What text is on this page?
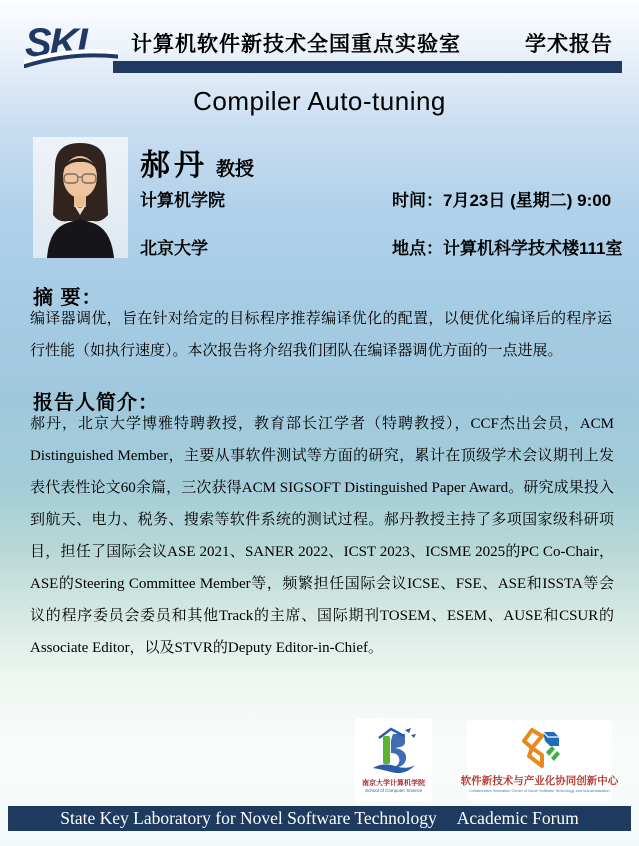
SKL 计算机软件新技术全国重点实验室	学术报告
Compiler Auto-tuning
郝丹 教授
计算机学院
北京大学
时间：7月23日 (星期二) 9:00
地点：计算机科学技术楼111室
摘 要：
编译器调优，旨在针对给定的目标程序推荐编译优化的配置，以便优化编译后的程序运行性能（如执行速度）。本次报告将介绍我们团队在编译器调优方面的一点进展。
报告人简介：
郝丹，北京大学博雅特聘教授，教育部长江学者（特聘教授），CCF杰出会员，ACM Distinguished Member，主要从事软件测试等方面的研究，累计在顶级学术会议期刊上发表代表性论文60余篇，三次获得ACM SIGSOFT Distinguished Paper Award。研究成果投入到航天、电力、税务、搜索等软件系统的测试过程。郝丹教授主持了多项国家级科研项目，担任了国际会议ASE 2021、SANER 2022、ICST 2023、ICSME 2025的PC Co-Chair，ASE的Steering Committee Member等，频繁担任国际会议ICSE、FSE、ASE和ISSTA等会议的程序委员会委员和其他Track的主席、国际期刊TOSEM、ESEM、AUSE和CSUR的Associate Editor，以及STVR的Deputy Editor-in-Chief。
南京大学计算机学院
School of Computer Science
软件新技术与产业化协同创新中心
Collaborative Innovation Center of Novel Software Technology and Industrialization
State Key Laboratory for Novel Software Technology Academic Forum
